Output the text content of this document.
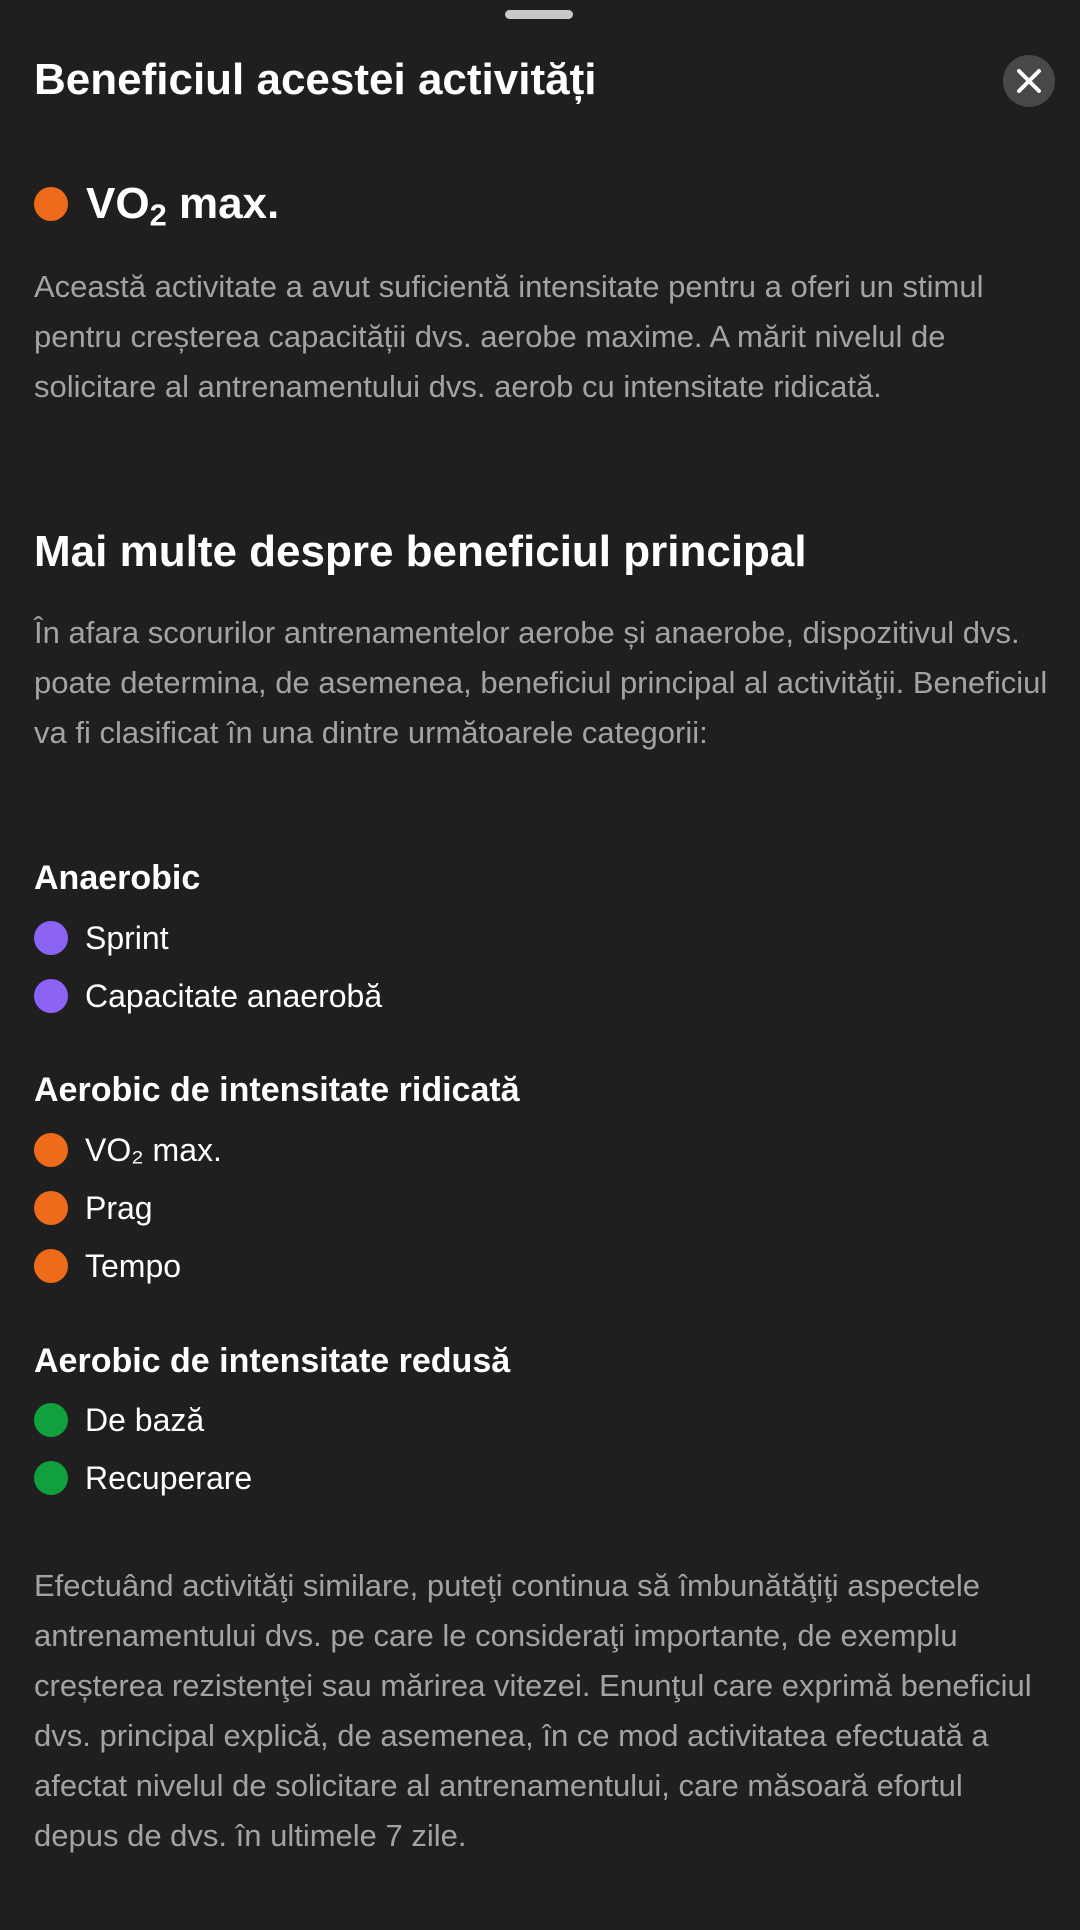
Beneficiul acestei activități
$VO_2$ max.

Această activitate a avut suficientă intensitate pentru a oferi un stimul pentru creșterea capacității dvs. aerobe maxime. A mărit nivelul de solicitare al antrenamentului dvs. aerob cu intensitate ridicată.

Mai multe despre beneficiul principal

În afara scorurilor antrenamentelor aerobe și anaerobe, dispozitivul dvs. poate determina, de asemenea, beneficiul principal al activităţii. Beneficiul va fi clasificat în una dintre următoarele categorii:

Anaerobic
Sprint
Capacitate anaerobă
Aerobic de intensitate ridicată
VO₂ max.
Prag
Tempo
Aerobic de intensitate redusă
De bază
Recuperare

Efectuând activităţi similare, puteţi continua să îmbunătăţiţi aspectele antrenamentului dvs. pe care le consideraţi importante, de exemplu creșterea rezistenţei sau mărirea vitezei. Enunţul care exprimă beneficiul dvs. principal explică, de asemenea, în ce mod activitatea efectuată a afectat nivelul de solicitare al antrenamentului, care măsoară efortul depus de dvs. în ultimele 7 zile.
